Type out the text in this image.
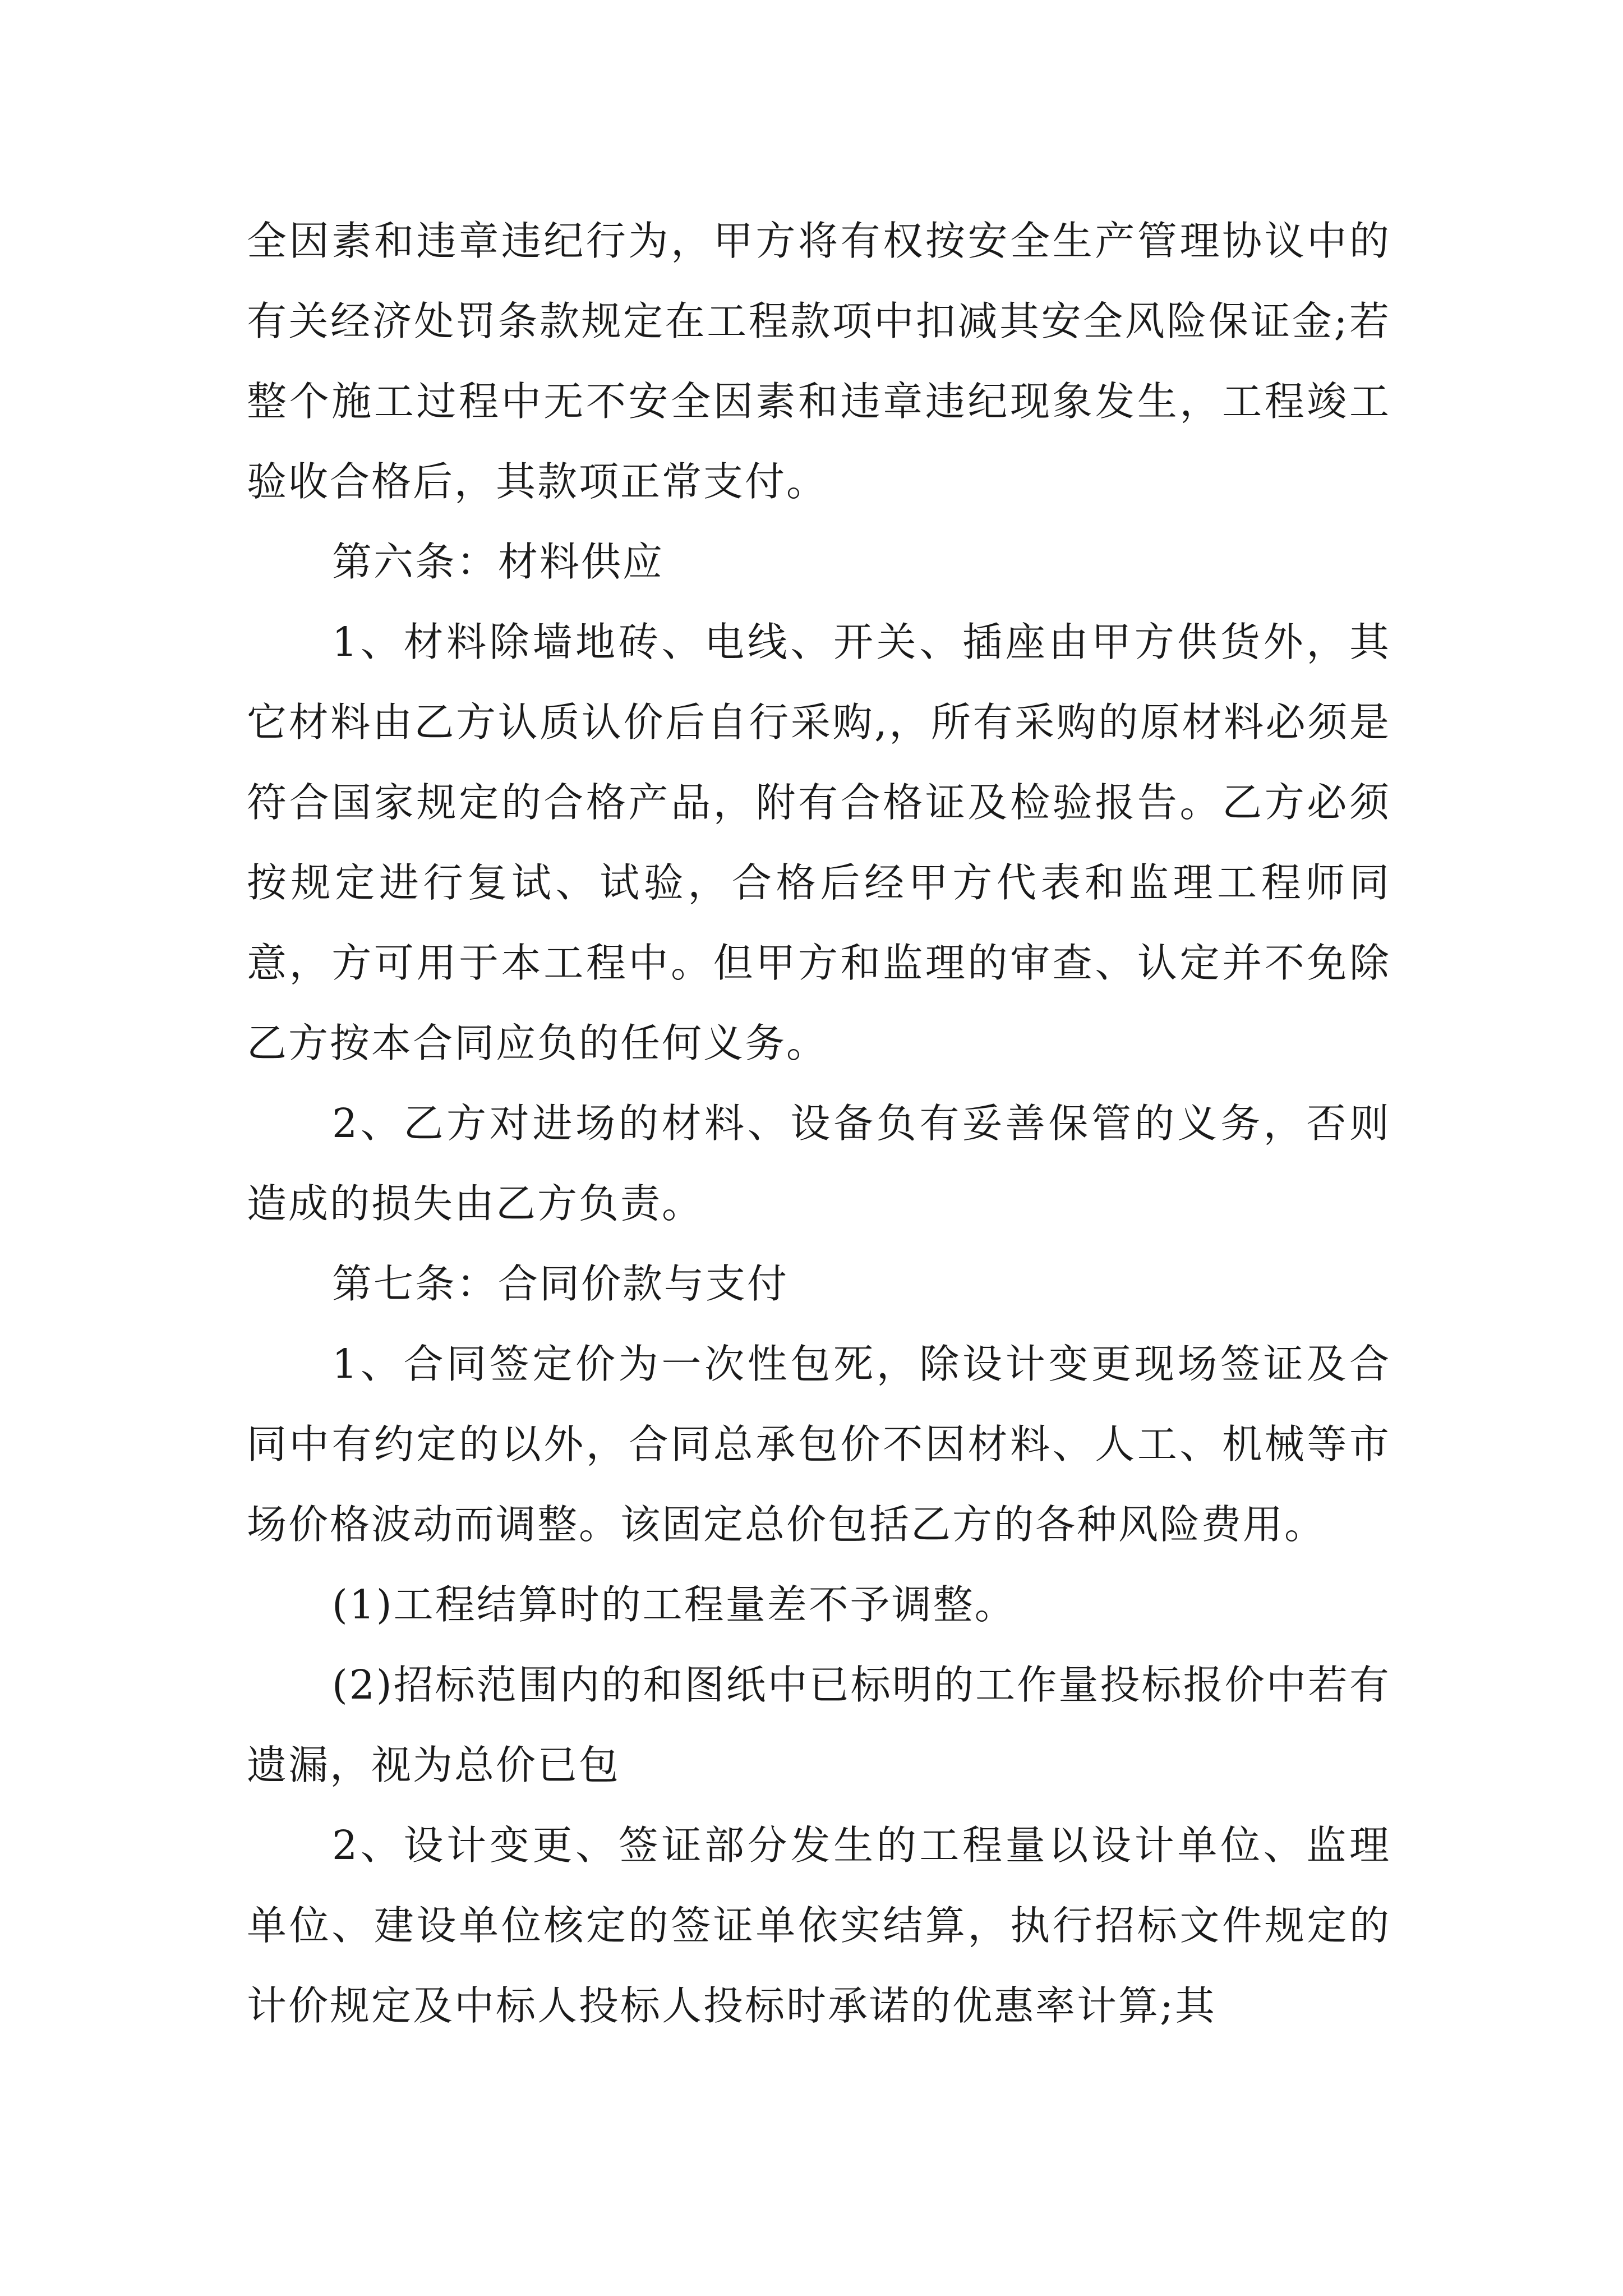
全因素和违章违纪行为，甲方将有权按安全生产管理协议中的有关经济处罚条款规定在工程款项中扣减其安全风险保证金;若整个施工过程中无不安全因素和违章违纪现象发生，工程竣工验收合格后，其款项正常支付。

第六条：材料供应

1、材料除墙地砖、电线、开关、插座由甲方供货外，其它材料由乙方认质认价后自行采购,，所有采购的原材料必须是符合国家规定的合格产品，附有合格证及检验报告。乙方必须按规定进行复试、试验，合格后经甲方代表和监理工程师同意，方可用于本工程中。但甲方和监理的审查、认定并不免除乙方按本合同应负的任何义务。

2、乙方对进场的材料、设备负有妥善保管的义务，否则造成的损失由乙方负责。

第七条：合同价款与支付

1、合同签定价为一次性包死，除设计变更现场签证及合同中有约定的以外，合同总承包价不因材料、人工、机械等市场价格波动而调整。该固定总价包括乙方的各种风险费用。

(1)工程结算时的工程量差不予调整。

(2)招标范围内的和图纸中已标明的工作量投标报价中若有遗漏，视为总价已包

2、设计变更、签证部分发生的工程量以设计单位、监理单位、建设单位核定的签证单依实结算，执行招标文件规定的计价规定及中标人投标人投标时承诺的优惠率计算;其
